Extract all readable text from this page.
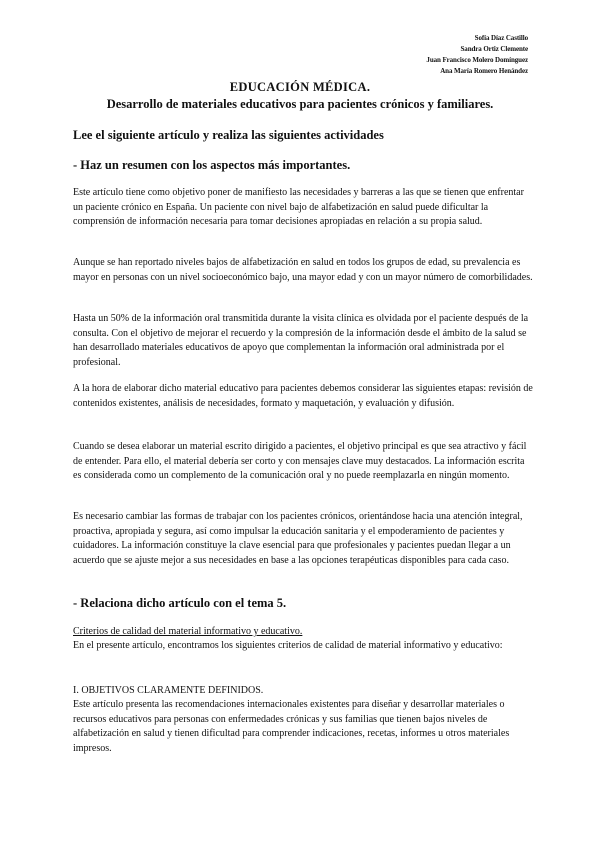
Sofía Díaz Castillo
Sandra Ortiz Clemente
Juan Francisco Molero Domínguez
Ana María Romero Henández
EDUCACIÓN MÉDICA.
Desarrollo de materiales educativos para pacientes crónicos y familiares.
Lee el siguiente artículo y realiza las siguientes actividades
- Haz un resumen con los aspectos más importantes.

Este artículo tiene como objetivo poner de manifiesto las necesidades y barreras a las que se tienen que enfrentar un paciente crónico en España. Un paciente con nivel bajo de alfabetización en salud puede dificultar la comprensión de información necesaria para tomar decisiones apropiadas en relación a su propia salud.

Aunque se han reportado niveles bajos de alfabetización en salud en todos los grupos de edad, su prevalencia es mayor en personas con un nivel socioeconómico bajo, una mayor edad y con un mayor número de comorbilidades.

Hasta un 50% de la información oral transmitida durante la visita clínica es olvidada por el paciente después de la consulta. Con el objetivo de mejorar el recuerdo y la compresión de la información desde el ámbito de la salud se han desarrollado materiales educativos de apoyo que complementan la información oral administrada por el profesional.

A la hora de elaborar dicho material educativo para pacientes debemos considerar las siguientes etapas: revisión de contenidos existentes, análisis de necesidades, formato y maquetación, y evaluación y difusión.

Cuando se desea elaborar un material escrito dirigido a pacientes, el objetivo principal es que sea atractivo y fácil de entender. Para ello, el material debería ser corto y con mensajes clave muy destacados. La información escrita es considerada como un complemento de la comunicación oral y no puede reemplazarla en ningún momento.

Es necesario cambiar las formas de trabajar con los pacientes crónicos, orientándose hacia una atención integral, proactiva, apropiada y segura, así como impulsar la educación sanitaria y el empoderamiento de pacientes y cuidadores. La información constituye la clave esencial para que profesionales y pacientes puedan llegar a un acuerdo que se ajuste mejor a sus necesidades en base a las opciones terapéuticas disponibles para cada caso.

- Relaciona dicho artículo con el tema 5.

Criterios de calidad del material informativo y educativo.

En el presente artículo, encontramos los siguientes criterios de calidad de material informativo y educativo:

I. OBJETIVOS CLARAMENTE DEFINIDOS.

Este artículo presenta las recomendaciones internacionales existentes para diseñar y desarrollar materiales o recursos educativos para personas con enfermedades crónicas y sus familias que tienen bajos niveles de alfabetización en salud y tienen dificultad para comprender indicaciones, recetas, informes u otros materiales impresos.
